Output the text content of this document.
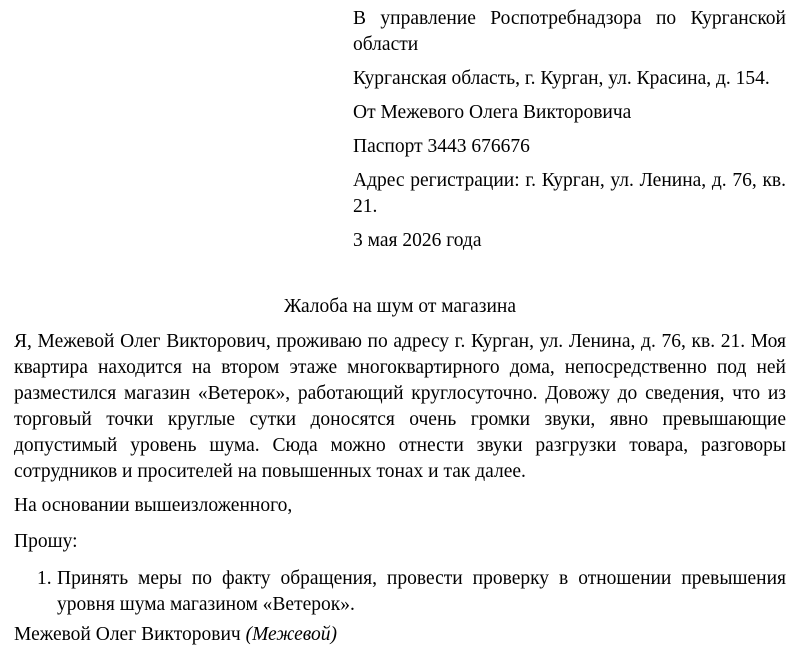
В управление Роспотребнадзора по Курганской области

Курганская область, г. Курган, ул. Красина, д. 154.

От Межевого Олега Викторовича

Паспорт 3443 676676

Адрес регистрации: г. Курган, ул. Ленина, д. 76, кв. 21.

3 мая 2026 года

Жалоба на шум от магазина

Я, Межевой Олег Викторович, проживаю по адресу г. Курган, ул. Ленина, д. 76, кв. 21. Моя квартира находится на втором этаже многоквартирного дома, непосредственно под ней разместился магазин «Ветерок», работающий круглосуточно. Довожу до сведения, что из торговый точки круглые сутки доносятся очень громки звуки, явно превышающие допустимый уровень шума. Сюда можно отнести звуки разгрузки товара, разговоры сотрудников и просителей на повышенных тонах и так далее.

На основании вышеизложенного,

Прошу:

1. Принять меры по факту обращения, провести проверку в отношении превышения уровня шума магазином «Ветерок».

Межевой Олег Викторович (Межевой)
